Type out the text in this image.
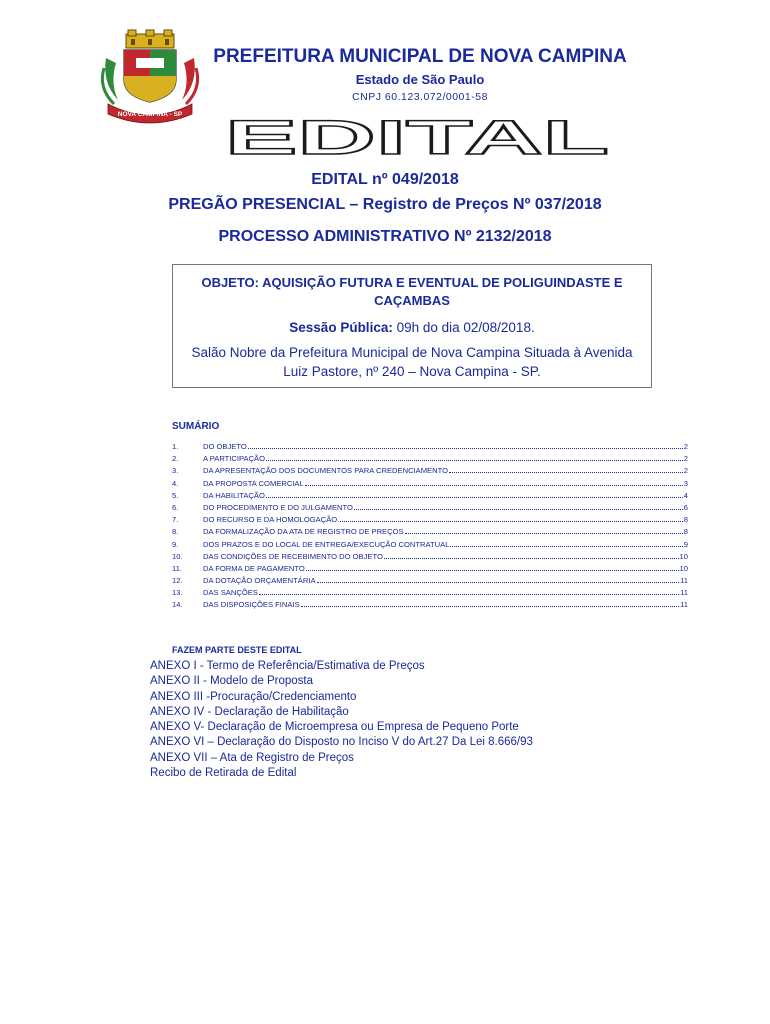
NOVA CAMPINA - SP
PREFEITURA MUNICIPAL DE NOVA CAMPINA
Estado de São Paulo
CNPJ 60.123.072/0001-58
EDITAL
EDITAL nº 049/2018
PREGÃO PRESENCIAL – Registro de Preços Nº 037/2018
PROCESSO ADMINISTRATIVO Nº 2132/2018
OBJETO: AQUISIÇÃO FUTURA E EVENTUAL DE POLIGUINDASTE E CAÇAMBAS
Sessão Pública: 09h do dia 02/08/2018.
Salão Nobre da Prefeitura Municipal de Nova Campina Situada à Avenida Luiz Pastore, nº 240 – Nova Campina - SP.
SUMÁRIO
1.	DO OBJETO	2
2.	A PARTICIPAÇÃO	2
3.	DA APRESENTAÇÃO DOS DOCUMENTOS PARA CREDENCIAMENTO	2
4.	DA PROPOSTA COMERCIAL	3
5.	DA HABILITAÇÃO	4
6.	DO PROCEDIMENTO E DO JULGAMENTO	6
7.	DO RECURSO E DA HOMOLOGAÇÃO.	8
8.	DA FORMALIZAÇÃO DA ATA DE REGISTRO DE PREÇOS	8
9.	DOS PRAZOS E DO LOCAL DE ENTREGA/EXECUÇÃO CONTRATUAL	9
10.	DAS CONDIÇÕES DE RECEBIMENTO DO OBJETO	10
11.	DA FORMA DE PAGAMENTO	10
12.	DA DOTAÇÃO ORÇAMENTÁRIA	11
13.	DAS SANÇÕES	11
14.	DAS DISPOSIÇÕES FINAIS	11
FAZEM PARTE DESTE EDITAL
ANEXO I - Termo de Referência/Estimativa de Preços
ANEXO II - Modelo de Proposta
ANEXO III -Procuração/Credenciamento
ANEXO IV - Declaração de Habilitação
ANEXO V- Declaração de Microempresa ou Empresa de Pequeno Porte
ANEXO VI – Declaração do Disposto no Inciso V do Art.27 Da Lei 8.666/93
ANEXO VII – Ata de Registro de Preços
Recibo de Retirada de Edital
